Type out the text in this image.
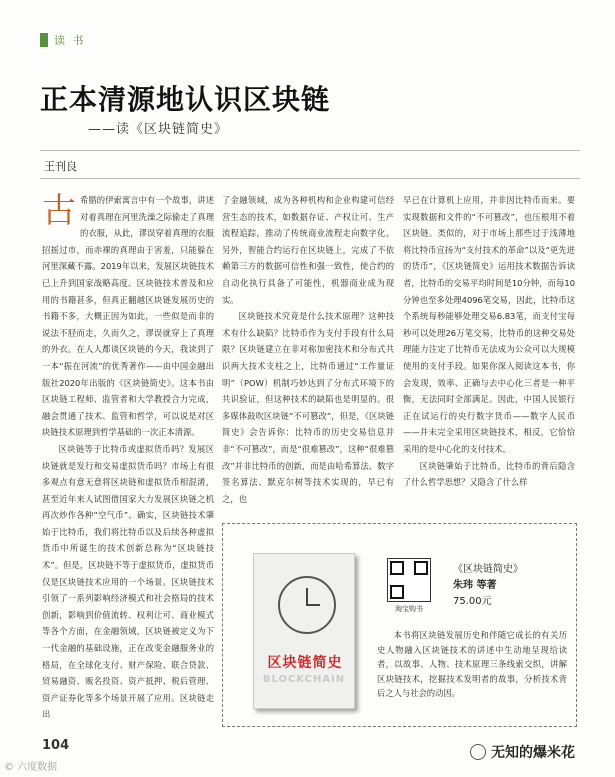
读 书
正本清源地认识区块链
——读《区块链简史》
王刊良

古希腊的伊索寓言中有一个故事，讲述对着真理在河里洗澡之际偷走了真理的衣服，从此，谬误穿着真理的衣服招摇过市，而赤裸的真理由于害羞，只能躲在河里深藏不露。2019年以来，发展区块链技术已上升到国家战略高度。区块链技术普及和应用的书籍甚多，但真正翻越区块链发展历史的书籍不多，大概正因为如此，一些似是而非的说法不胫而走，久而久之，谬误就穿上了真理的外衣。在人人都谈区块链的今天，我读到了一本“振在河流”的优秀著作——由中国金融出版社2020年出版的《区块链简史》。这本书由区块链工程师、监管者和大学教授合力完成，融会贯通了技术、监管和哲学，可以说是对区块链技术原理到哲学基础的一次正本清源。

区块链等于比特币或虚拟货币吗？发展区块链就是发行和交易虚拟货币吗？市场上有很多观点有意无意将区块链和虚拟货币相混淆，甚至近年来人试图借国家大力发展区块链之机再次炒作各种“空气币”。确实，区块链技术肇始于比特币，我们将比特币以及后续各种虚拟货币中所诞生的技术创新总称为“区块链技术”。但是，区块链不等于虚拟货币，虚拟货币仅是区块链技术应用的一个场景。区块链技术引领了一系列影响经济模式和社会格局的技术创新，影响到价值流转、权利让可、商业模式等各个方面，在金融领域，区块链被定义为下一代金融的基础设施，正在改变金融服务业的格局，在全球化支付、财产保险、联合贷款、贸易融资、贩名投资、资产抵押、税后管理、资产证券化等多个场景开展了应用。区块链走出

了金融领域，成为各种机构和企业构建可信经营生态的技术，如数据存证、产权让可、生产流程追踪，推动了传统商业流程走向数字化。另外，智能合约运行在区块链上，完成了不依赖第三方的数据可信性和强一致性，使合约的自动化执行具备了可能性，机器商业成为现实。

区块链技术究竟是什么技术原理？这种技术有什么缺陷？比特币作为支付手段有什么局限？区块链建立在非对称加密技术和分布式共识两大技术支柱之上，比特币通过“工作量证明”（POW）机制巧妙达到了分布式环境下的共识验证，但这种技术的缺陷也是明显的。很多媒体鼓吹区块链“不可篡改”，但是，《区块链简史》会告诉你：比特币的历史交易信息并非“不可篡改”，而是“很难篡改”，这种“很难篡改”并非比特币的创新，而是由哈希算法、数字签名算法、默克尔树等技术实现的，早已有之，也

早已在计算机上应用，并非因比特币而来。要实现数据和文件的“不可篡改”，也压根用不着区块链。类似的，对于市场上那些过于浅薄地将比特币宣扬为“支付技术的革命”以及“更先进的货币”，《区块链简史》运用技术数据告诉读者，比特币的交易平均时间是10分钟，而每10分钟也至多处理4096笔交易，因此，比特币这个系统每秒能够处理交易6.83笔，而支付宝每秒可以处理26万笔交易，比特币的这种交易处理能力注定了比特币无法成为公众可以大规模使用的支付手段。如果你深入阅读这本书，你会发现，效率、正确与去中心化三者是一种平衡，无法同时全部满足。因此，中国人民银行正在试运行的央行数字货币——数字人民币——并未完全采用区块链技术，相反，它恰恰采用的是中心化的支付技术。

区块链肇始于比特币，比特币的背后隐含了什么哲学思想？又隐含了什么样

区块链简史
BLOCKCHAIN
淘宝购书
《区块链简史》
朱玮 等著
75.00元
本书将区块链发展历史和伴随它成长的有关历史人物融入区块链技术的讲述中生动地呈现给读者，以故事、人物、技术原理三条线索交织，讲解区块链技术，挖掘技术发明者的故事，分析技术背后之人与社会的动因。
104
© 六度数据
无知的爆米花
